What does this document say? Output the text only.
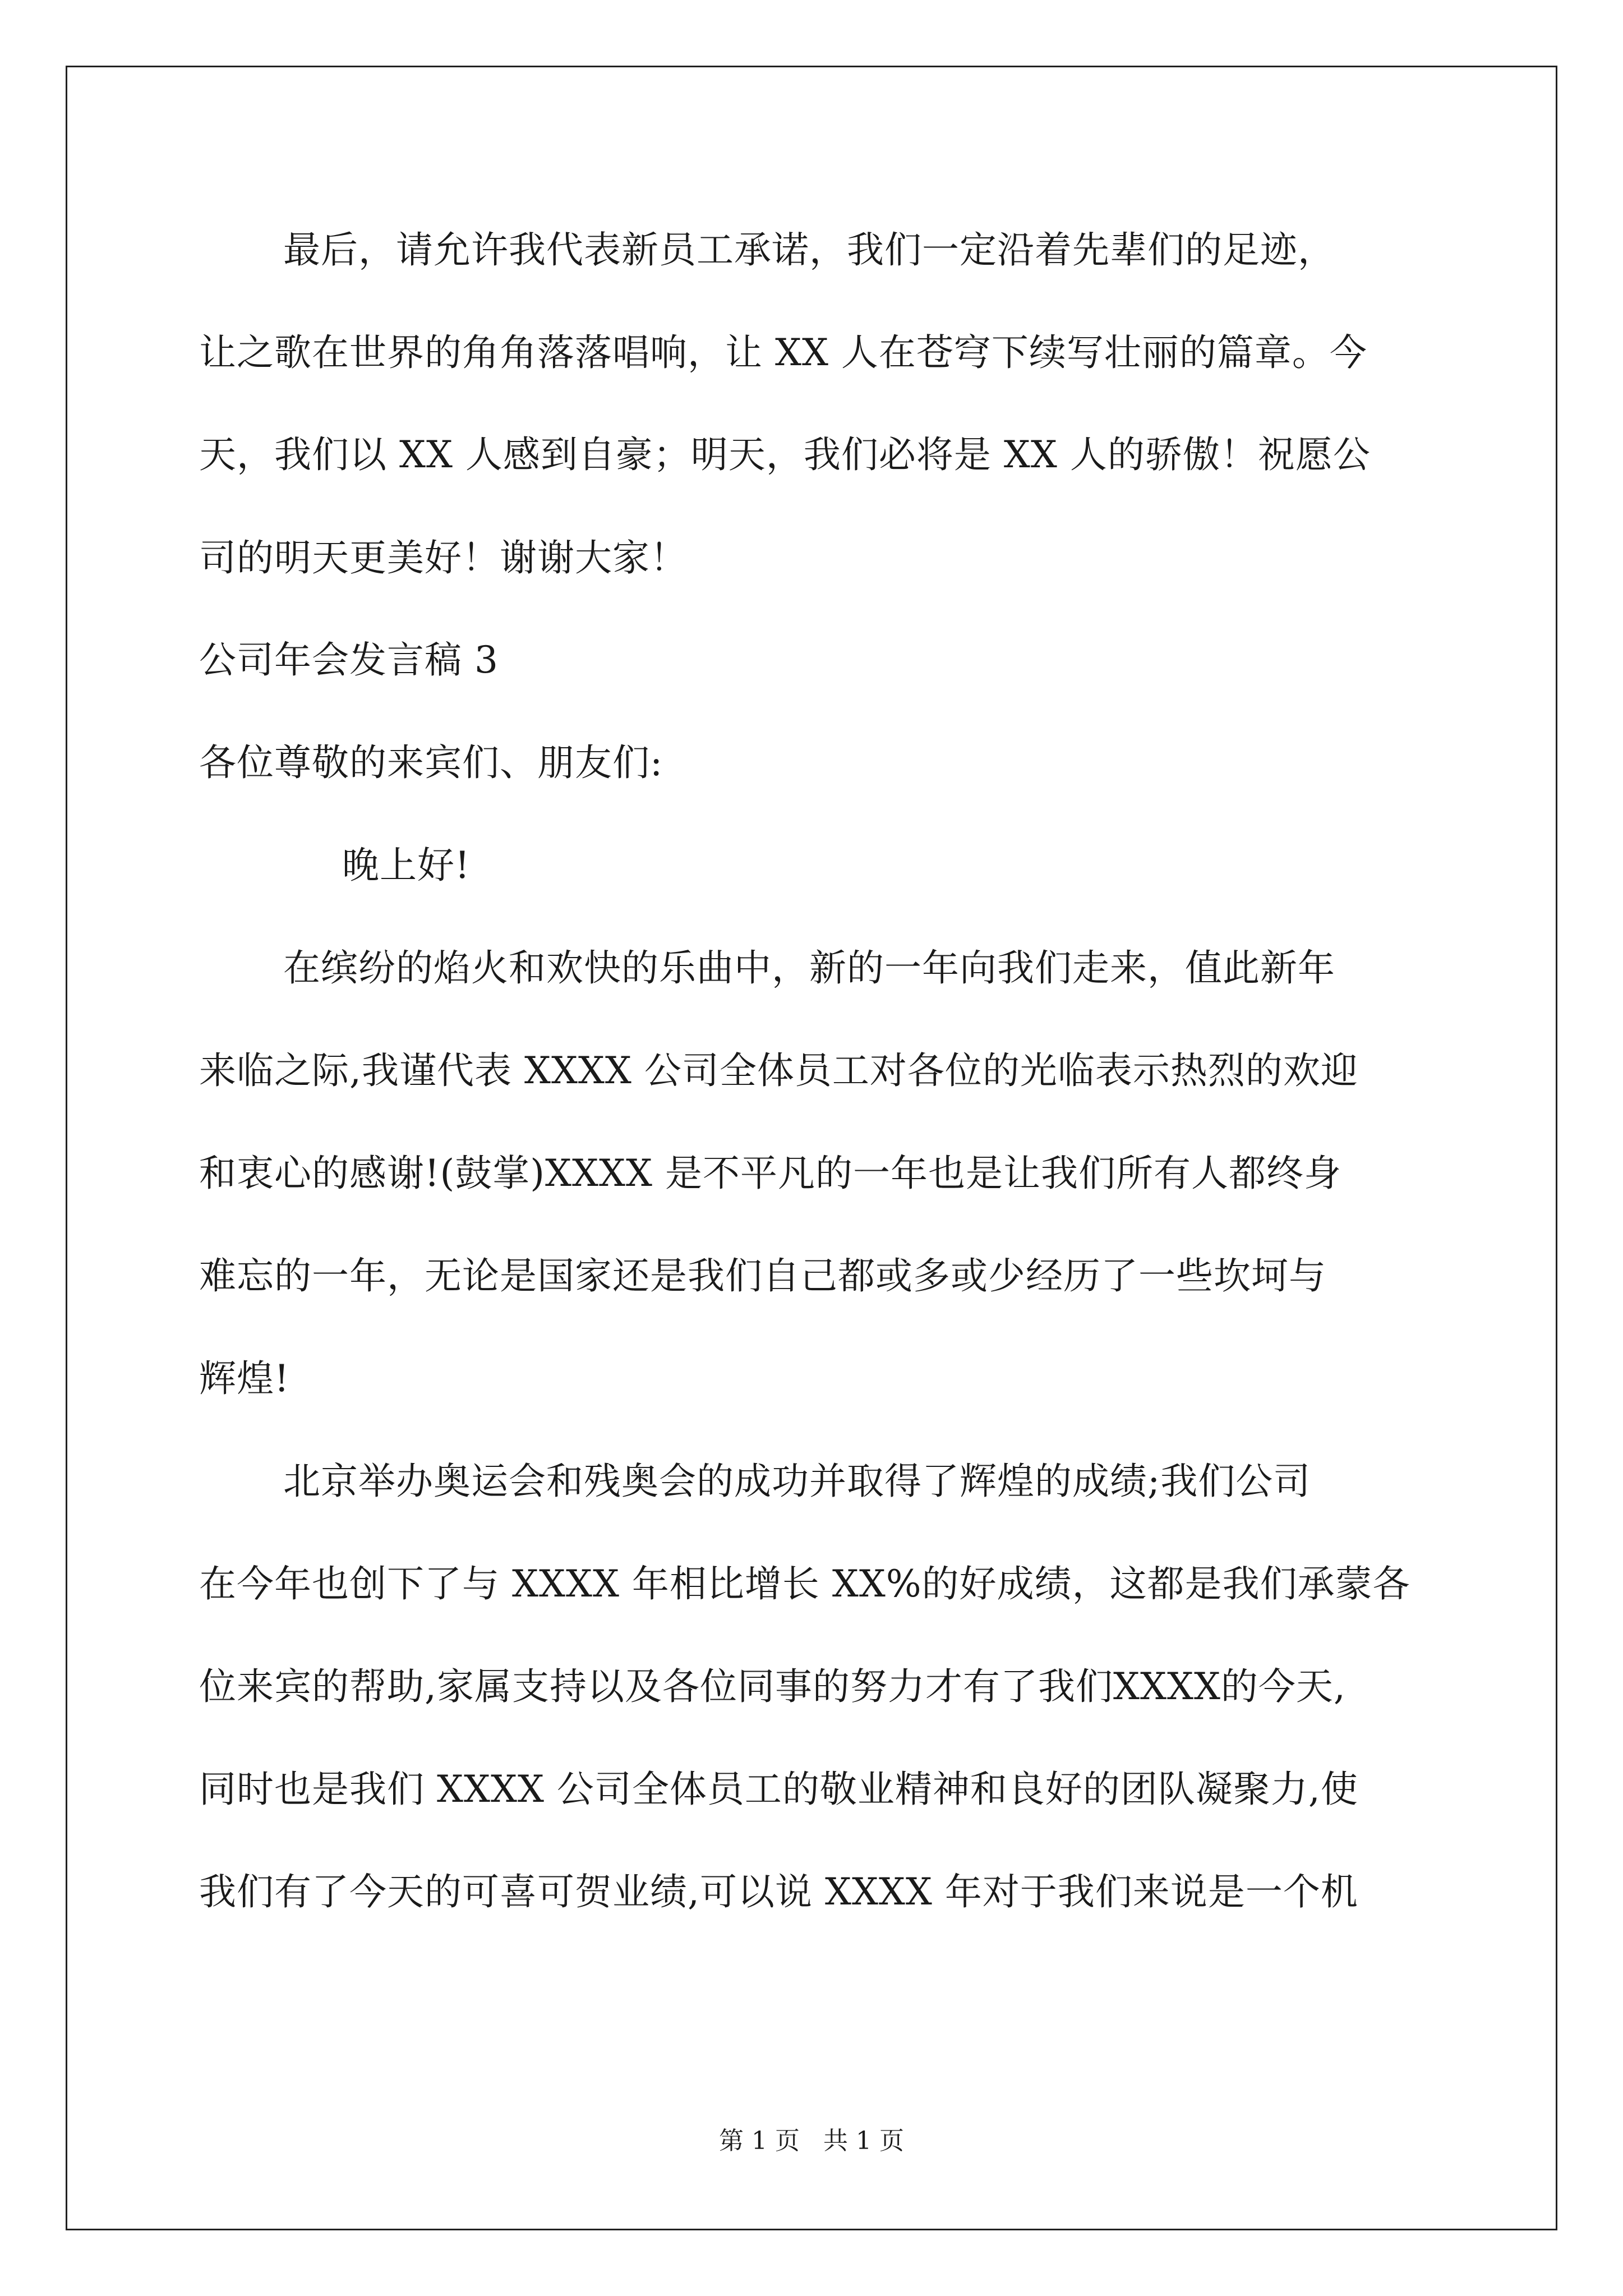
最后，请允许我代表新员工承诺，我们一定沿着先辈们的足迹，
让之歌在世界的角角落落唱响，让 XX 人在苍穹下续写壮丽的篇章。今
天，我们以 XX 人感到自豪；明天，我们必将是 XX 人的骄傲！祝愿公
司的明天更美好！谢谢大家！
公司年会发言稿 3
各位尊敬的来宾们、朋友们:
晚上好!
在缤纷的焰火和欢快的乐曲中，新的一年向我们走来，值此新年
来临之际,我谨代表 XXXX 公司全体员工对各位的光临表示热烈的欢迎
和衷心的感谢!(鼓掌)XXXX 是不平凡的一年也是让我们所有人都终身
难忘的一年，无论是国家还是我们自己都或多或少经历了一些坎坷与
辉煌!
北京举办奥运会和残奥会的成功并取得了辉煌的成绩;我们公司
在今年也创下了与 XXXX 年相比增长 XX%的好成绩，这都是我们承蒙各
位来宾的帮助,家属支持以及各位同事的努力才有了我们XXXX的今天,
同时也是我们 XXXX 公司全体员工的敬业精神和良好的团队凝聚力,使
我们有了今天的可喜可贺业绩,可以说 XXXX 年对于我们来说是一个机
第 1 页   共 1 页
